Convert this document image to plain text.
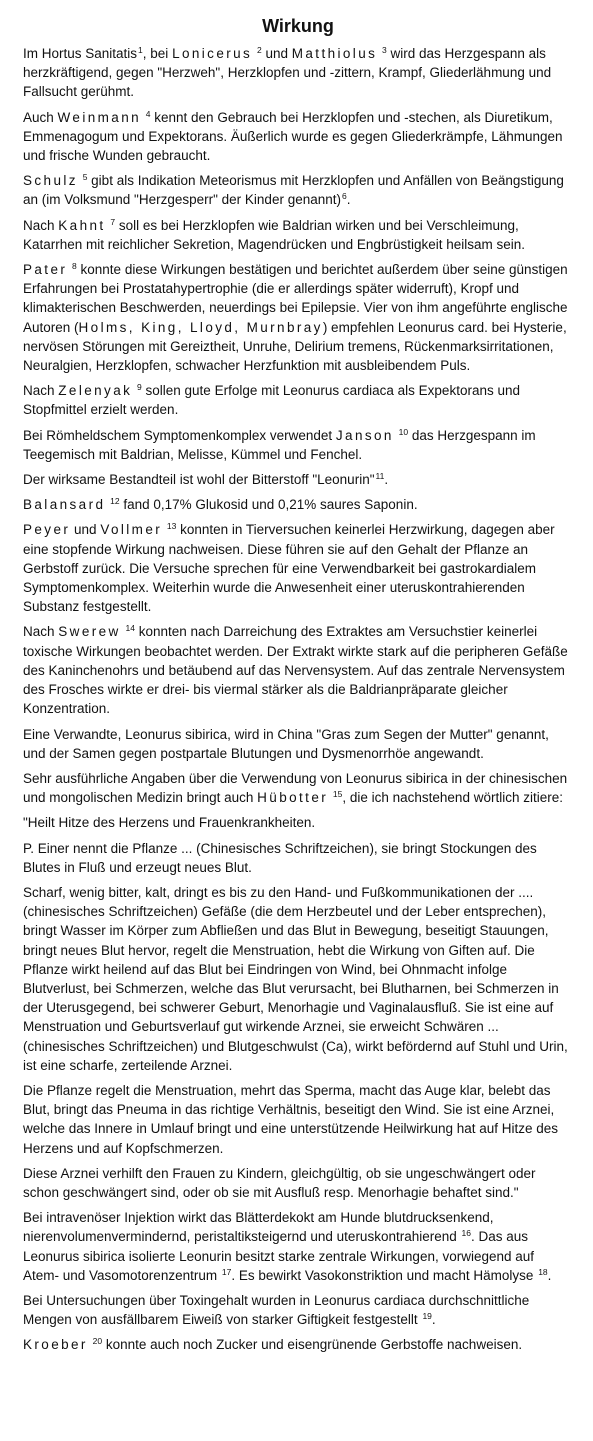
Wirkung

Im Hortus Sanitatis$^1$, bei Lonicerus $^2$ und Matthiolus $^3$ wird das Herzgespann als herzkräftigend, gegen "Herzweh", Herzklopfen und -zittern, Krampf, Gliederlähmung und Fallsucht gerühmt.

Auch Weinmann $^4$ kennt den Gebrauch bei Herzklopfen und -stechen, als Diuretikum, Emmenagogum und Expektorans. Äußerlich wurde es gegen Gliederkrämpfe, Lähmungen und frische Wunden gebraucht.

Schulz $^5$ gibt als Indikation Meteorismus mit Herzklopfen und Anfällen von Beängstigung an (im Volksmund "Herzgesperr" der Kinder genannt)$^6$.

Nach Kahnt $^7$ soll es bei Herzklopfen wie Baldrian wirken und bei Verschleimung, Katarrhen mit reichlicher Sekretion, Magendrücken und Engbrüstigkeit heilsam sein.

Pater $^8$ konnte diese Wirkungen bestätigen und berichtet außerdem über seine günstigen Erfahrungen bei Prostatahypertrophie (die er allerdings später widerruft), Kropf und klimakterischen Beschwerden, neuerdings bei Epilepsie. Vier von ihm angeführte englische Autoren (Holms, King, Lloyd, Murnbray) empfehlen Leonurus card. bei Hysterie, nervösen Störungen mit Gereiztheit, Unruhe, Delirium tremens, Rückenmarksirritationen, Neuralgien, Herzklopfen, schwacher Herzfunktion mit ausbleibendem Puls.

Nach Zelenyak $^9$ sollen gute Erfolge mit Leonurus cardiaca als Expektorans und Stopfmittel erzielt werden.

Bei Römheldschem Symptomenkomplex verwendet Janson $^{10}$ das Herzgespann im Teegemisch mit Baldrian, Melisse, Kümmel und Fenchel.

Der wirksame Bestandteil ist wohl der Bitterstoff "Leonurin"$^{11}$.

Balansard $^{12}$ fand 0,17% Glukosid und 0,21% saures Saponin.

Peyer und Vollmer $^{13}$ konnten in Tierversuchen keinerlei Herzwirkung, dagegen aber eine stopfende Wirkung nachweisen. Diese führen sie auf den Gehalt der Pflanze an Gerbstoff zurück. Die Versuche sprechen für eine Verwendbarkeit bei gastrokardialem Symptomenkomplex. Weiterhin wurde die Anwesenheit einer uteruskontrahierenden Substanz festgestellt.

Nach Swerew $^{14}$ konnten nach Darreichung des Extraktes am Versuchstier keinerlei toxische Wirkungen beobachtet werden. Der Extrakt wirkte stark auf die peripheren Gefäße des Kaninchenohrs und betäubend auf das Nervensystem. Auf das zentrale Nervensystem des Frosches wirkte er drei- bis viermal stärker als die Baldrianpräparate gleicher Konzentration.

Eine Verwandte, Leonurus sibirica, wird in China "Gras zum Segen der Mutter" genannt, und der Samen gegen postpartale Blutungen und Dysmenorrhöe angewandt.

Sehr ausführliche Angaben über die Verwendung von Leonurus sibirica in der chinesischen und mongolischen Medizin bringt auch Hübotter $^{15}$, die ich nachstehend wörtlich zitiere:

"Heilt Hitze des Herzens und Frauenkrankheiten.

P. Einer nennt die Pflanze ... (Chinesisches Schriftzeichen), sie bringt Stockungen des Blutes in Fluß und erzeugt neues Blut.

Scharf, wenig bitter, kalt, dringt es bis zu den Hand- und Fußkommunikationen der .... (chinesisches Schriftzeichen) Gefäße (die dem Herzbeutel und der Leber entsprechen), bringt Wasser im Körper zum Abfließen und das Blut in Bewegung, beseitigt Stauungen, bringt neues Blut hervor, regelt die Menstruation, hebt die Wirkung von Giften auf. Die Pflanze wirkt heilend auf das Blut bei Eindringen von Wind, bei Ohnmacht infolge Blutverlust, bei Schmerzen, welche das Blut verursacht, bei Blutharnen, bei Schmerzen in der Uterusgegend, bei schwerer Geburt, Menorhagie und Vaginalausfluß. Sie ist eine auf Menstruation und Geburtsverlauf gut wirkende Arznei, sie erweicht Schwären ... (chinesisches Schriftzeichen) und Blutgeschwulst (Ca), wirkt befördernd auf Stuhl und Urin, ist eine scharfe, zerteilende Arznei.

Die Pflanze regelt die Menstruation, mehrt das Sperma, macht das Auge klar, belebt das Blut, bringt das Pneuma in das richtige Verhältnis, beseitigt den Wind. Sie ist eine Arznei, welche das Innere in Umlauf bringt und eine unterstützende Heilwirkung hat auf Hitze des Herzens und auf Kopfschmerzen.

Diese Arznei verhilft den Frauen zu Kindern, gleichgültig, ob sie ungeschwängert oder schon geschwängert sind, oder ob sie mit Ausfluß resp. Menorhagie behaftet sind."

Bei intravenöser Injektion wirkt das Blätterdekokt am Hunde blutdrucksenkend, nierenvolumenvermindernd, peristaltiksteigernd und uteruskontrahierend $^{16}$. Das aus Leonurus sibirica isolierte Leonurin besitzt starke zentrale Wirkungen, vorwiegend auf Atem- und Vasomotorenzentrum $^{17}$. Es bewirkt Vasokonstriktion und macht Hämolyse $^{18}$.

Bei Untersuchungen über Toxingehalt wurden in Leonurus cardiaca durchschnittliche Mengen von ausfällbarem Eiweiß von starker Giftigkeit festgestellt $^{19}$.

Kroeber $^{20}$ konnte auch noch Zucker und eisengrünende Gerbstoffe nachweisen.
